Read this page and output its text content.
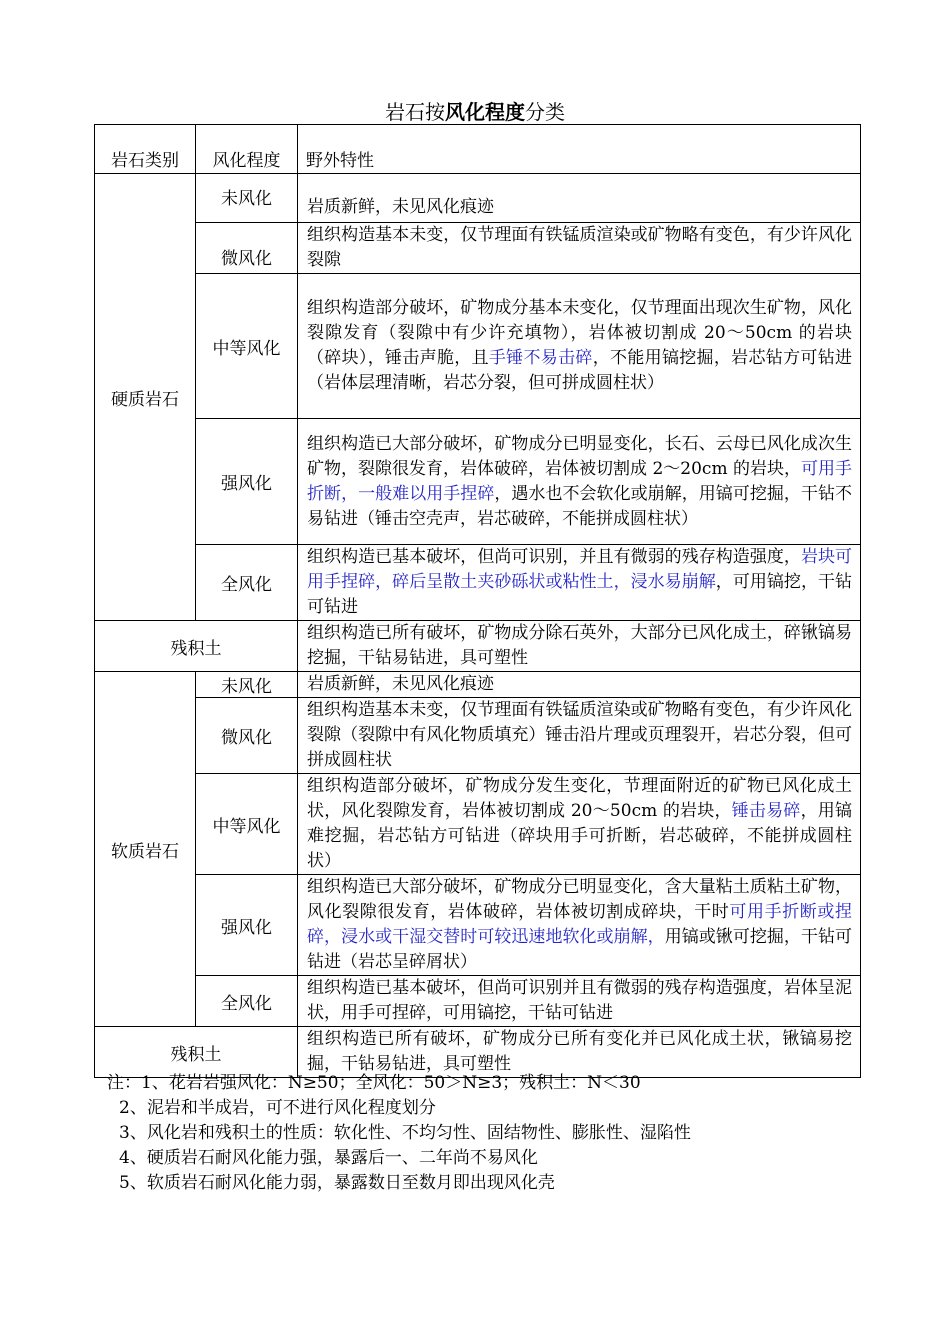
岩石按风化程度分类
岩石类别	风化程度	野外特性
硬质岩石	未风化	岩质新鲜，未见风化痕迹
	微风化	组织构造基本未变，仅节理面有铁锰质渲染或矿物略有变色，有少许风化裂隙
	中等风化	组织构造部分破坏，矿物成分基本未变化，仅节理面出现次生矿物，风化裂隙发育（裂隙中有少许充填物），岩体被切割成 20～50cm 的岩块（碎块），锤击声脆，且手锤不易击碎，不能用镐挖掘，岩芯钻方可钻进（岩体层理清晰，岩芯分裂，但可拼成圆柱状）
	强风化	组织构造已大部分破坏，矿物成分已明显变化，长石、云母已风化成次生矿物，裂隙很发育，岩体破碎，岩体被切割成 2～20cm 的岩块，可用手折断，一般难以用手捏碎，遇水也不会软化或崩解，用镐可挖掘，干钻不易钻进（锤击空壳声，岩芯破碎，不能拼成圆柱状）
	全风化	组织构造已基本破坏，但尚可识别，并且有微弱的残存构造强度，岩块可用手捏碎，碎后呈散土夹砂砾状或粘性土，浸水易崩解，可用镐挖，干钻可钻进
残积土		组织构造已所有破坏，矿物成分除石英外，大部分已风化成土，碎锹镐易挖掘，干钻易钻进，具可塑性
软质岩石	未风化	岩质新鲜，未见风化痕迹
	微风化	组织构造基本未变，仅节理面有铁锰质渲染或矿物略有变色，有少许风化裂隙（裂隙中有风化物质填充）锤击沿片理或页理裂开，岩芯分裂，但可拼成圆柱状
	中等风化	组织构造部分破坏，矿物成分发生变化，节理面附近的矿物已风化成土状，风化裂隙发育，岩体被切割成 20～50cm 的岩块，锤击易碎，用镐难挖掘，岩芯钻方可钻进（碎块用手可折断，岩芯破碎，不能拼成圆柱状）
	强风化	组织构造已大部分破坏，矿物成分已明显变化，含大量粘土质粘土矿物，风化裂隙很发育，岩体破碎，岩体被切割成碎块，干时可用手折断或捏碎，浸水或干湿交替时可较迅速地软化或崩解，用镐或锹可挖掘，干钻可钻进（岩芯呈碎屑状）
	全风化	组织构造已基本破坏，但尚可识别并且有微弱的残存构造强度，岩体呈泥状，用手可捏碎，可用镐挖，干钻可钻进
残积土		组织构造已所有破坏，矿物成分已所有变化并已风化成土状，锹镐易挖掘，干钻易钻进，具可塑性
注：1、花岩岩强风化：N≥50；全风化：50＞N≥3；残积土：N＜30
2、泥岩和半成岩，可不进行风化程度划分
3、风化岩和残积土的性质：软化性、不均匀性、固结物性、膨胀性、湿陷性
4、硬质岩石耐风化能力强，暴露后一、二年尚不易风化
5、软质岩石耐风化能力弱，暴露数日至数月即出现风化壳
